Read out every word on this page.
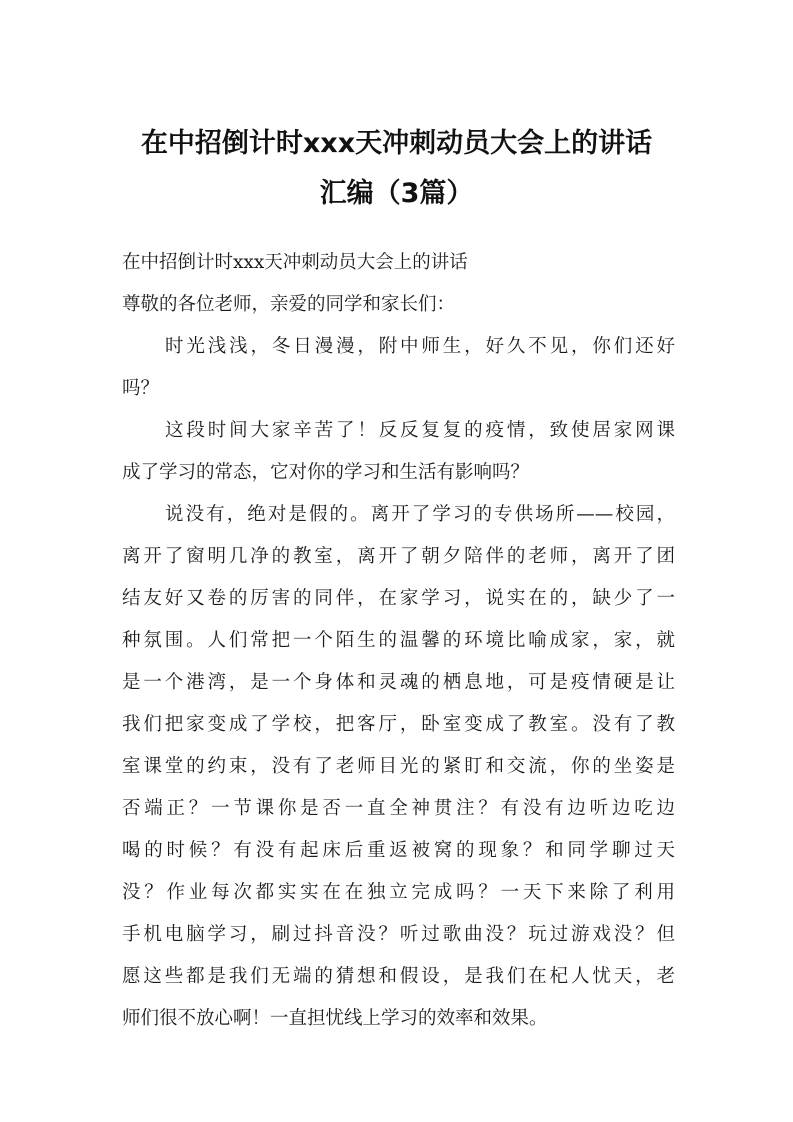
在中招倒计时xxx天冲刺动员大会上的讲话
汇编（3篇）
在中招倒计时xxx天冲刺动员大会上的讲话
尊敬的各位老师，亲爱的同学和家长们：
时光浅浅，冬日漫漫，附中师生，好久不见，你们还好
吗？
这段时间大家辛苦了！反反复复的疫情，致使居家网课
成了学习的常态，它对你的学习和生活有影响吗？
说没有，绝对是假的。离开了学习的专供场所——校园，
离开了窗明几净的教室，离开了朝夕陪伴的老师，离开了团
结友好又卷的厉害的同伴，在家学习，说实在的，缺少了一
种氛围。人们常把一个陌生的温馨的环境比喻成家，家，就
是一个港湾，是一个身体和灵魂的栖息地，可是疫情硬是让
我们把家变成了学校，把客厅，卧室变成了教室。没有了教
室课堂的约束，没有了老师目光的紧盯和交流，你的坐姿是
否端正？一节课你是否一直全神贯注？有没有边听边吃边
喝的时候？有没有起床后重返被窝的现象？和同学聊过天
没？作业每次都实实在在独立完成吗？一天下来除了利用
手机电脑学习，刷过抖音没？听过歌曲没？玩过游戏没？但
愿这些都是我们无端的猜想和假设，是我们在杞人忧天，老
师们很不放心啊！一直担忧线上学习的效率和效果。
